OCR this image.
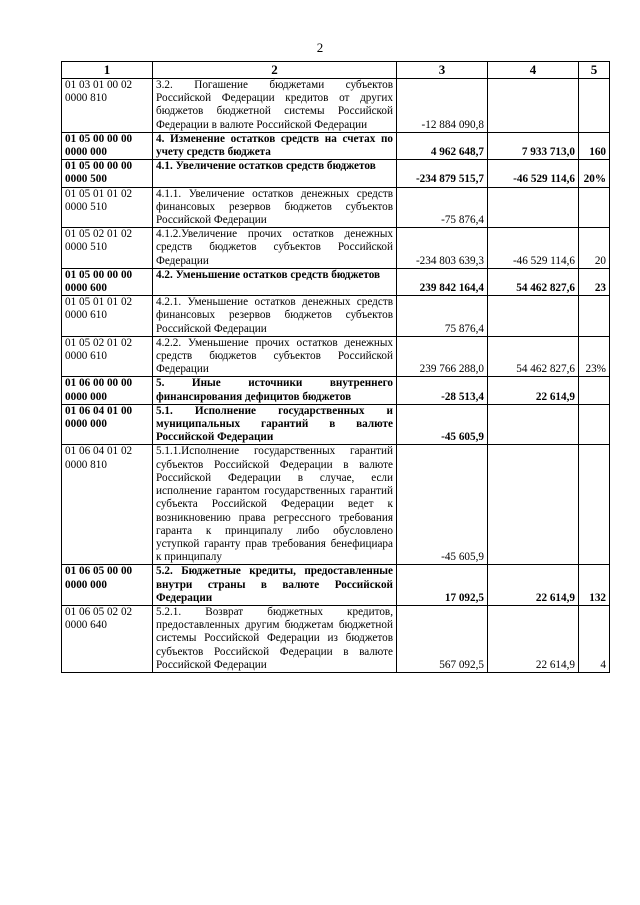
2
1	2	3	4	5
01 03 01 00 02 0000 810	3.2. Погашение бюджетами субъектов Российской Федерации кредитов от других бюджетов бюджетной системы Российской Федерации в валюте Российской Федерации	-12 884 090,8		
01 05 00 00 00 0000 000	4. Изменение остатков средств на счетах по учету средств бюджета	4 962 648,7	7 933 713,0	160
01 05 00 00 00 0000 500	4.1. Увеличение остатков средств бюджетов	-234 879 515,7	-46 529 114,6	20%
01 05 01 01 02 0000 510	4.1.1. Увеличение остатков денежных средств финансовых резервов бюджетов субъектов Российской Федерации	-75 876,4		
01 05 02 01 02 0000 510	4.1.2.Увеличение прочих остатков денежных средств бюджетов субъектов Российской Федерации	-234 803 639,3	-46 529 114,6	20
01 05 00 00 00 0000 600	4.2. Уменьшение остатков средств бюджетов	239 842 164,4	54 462 827,6	23
01 05 01 01 02 0000 610	4.2.1. Уменьшение остатков денежных средств финансовых резервов бюджетов субъектов Российской Федерации	75 876,4		
01 05 02 01 02 0000 610	4.2.2. Уменьшение прочих остатков денежных средств бюджетов субъектов Российской Федерации	239 766 288,0	54 462 827,6	23%
01 06 00 00 00 0000 000	5. Иные источники внутреннего финансирования дефицитов бюджетов	-28 513,4	22 614,9	
01 06 04 01 00 0000 000	5.1. Исполнение государственных и муниципальных гарантий в валюте Российской Федерации	-45 605,9		
01 06 04 01 02 0000 810	5.1.1.Исполнение государственных гарантий субъектов Российской Федерации в валюте Российской Федерации в случае, если исполнение гарантом государственных гарантий субъекта Российской Федерации ведет к возникновению права регрессного требования гаранта к принципалу либо обусловлено уступкой гаранту прав требования бенефициара к принципалу	-45 605,9		
01 06 05 00 00 0000 000	5.2. Бюджетные кредиты, предоставленные внутри страны в валюте Российской Федерации	17 092,5	22 614,9	132
01 06 05 02 02 0000 640	5.2.1. Возврат бюджетных кредитов, предоставленных другим бюджетам бюджетной системы Российской Федерации из бюджетов субъектов Российской Федерации в валюте Российской Федерации	567 092,5	22 614,9	4
